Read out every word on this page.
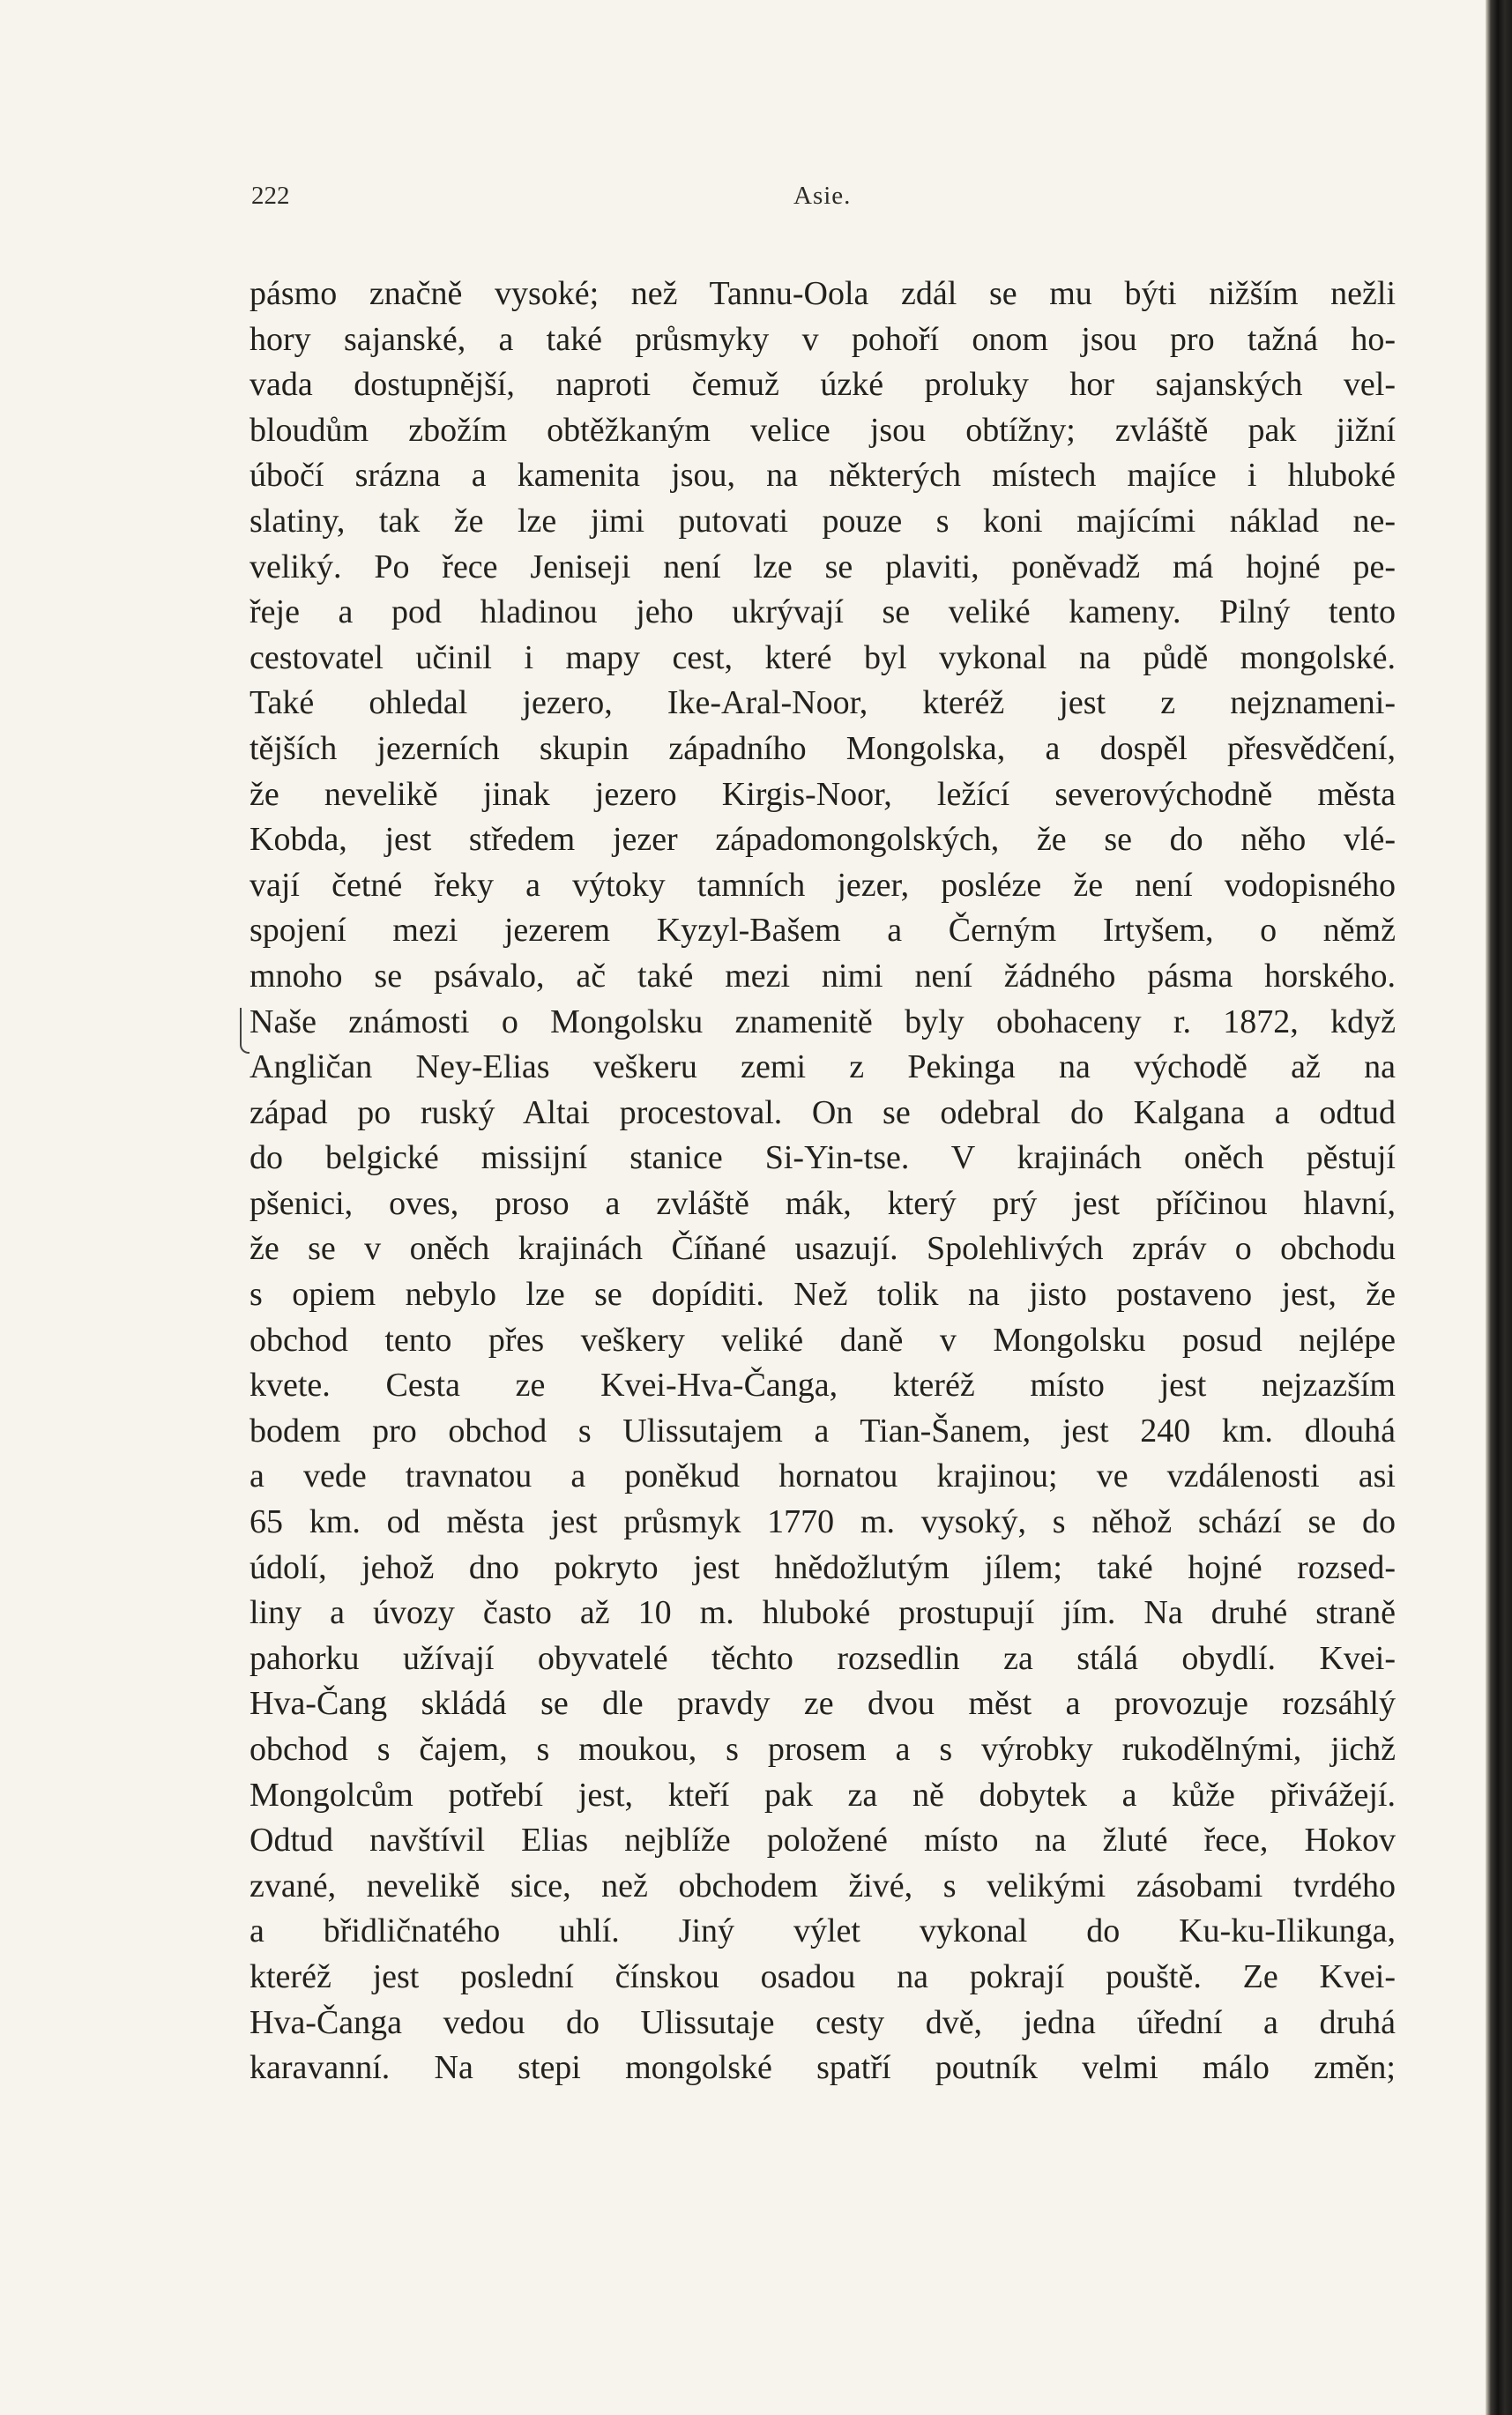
222	Asie.
pásmo značně vysoké; než Tannu-Oola zdál se mu býti nižším nežli
hory sajanské, a také průsmyky v pohoří onom jsou pro tažná ho-
vada dostupnější, naproti čemuž úzké proluky hor sajanských vel-
bloudům zbožím obtěžkaným velice jsou obtížny; zvláště pak jižní
úbočí srázna a kamenita jsou, na některých místech majíce i hluboké
slatiny, tak že lze jimi putovati pouze s koni majícími náklad ne-
veliký. Po řece Jeniseji není lze se plaviti, poněvadž má hojné pe-
řeje a pod hladinou jeho ukrývají se veliké kameny. Pilný tento
cestovatel učinil i mapy cest, které byl vykonal na půdě mongolské.
Také ohledal jezero, Ike-Aral-Noor, kteréž jest z nejznameni-
tějších jezerních skupin západního Mongolska, a dospěl přesvědčení,
že nevelikě jinak jezero Kirgis-Noor, ležící severovýchodně města
Kobda, jest středem jezer západomongolských, že se do něho vlé-
vají četné řeky a výtoky tamních jezer, posléze že není vodopisného
spojení mezi jezerem Kyzyl-Bašem a Černým Irtyšem, o němž
mnoho se psávalo, ač také mezi nimi není žádného pásma horského.
Naše známosti o Mongolsku znamenitě byly obohaceny r. 1872, když
Angličan Ney-Elias veškeru zemi z Pekinga na východě až na
západ po ruský Altai procestoval. On se odebral do Kalgana a odtud
do belgické missijní stanice Si-Yin-tse. V krajinách oněch pěstují
pšenici, oves, proso a zvláště mák, který prý jest příčinou hlavní,
že se v oněch krajinách Číňané usazují. Spolehlivých zpráv o obchodu
s opiem nebylo lze se dopíditi. Než tolik na jisto postaveno jest, že
obchod tento přes veškery veliké daně v Mongolsku posud nejlépe
kvete. Cesta ze Kvei-Hva-Čanga, kteréž místo jest nejzazším
bodem pro obchod s Ulissutajem a Tian-Šanem, jest 240 km. dlouhá
a vede travnatou a poněkud hornatou krajinou; ve vzdálenosti asi
65 km. od města jest průsmyk 1770 m. vysoký, s něhož schází se do
údolí, jehož dno pokryto jest hnědožlutým jílem; také hojné rozsed-
liny a úvozy často až 10 m. hluboké prostupují jím. Na druhé straně
pahorku užívají obyvatelé těchto rozsedlin za stálá obydlí. Kvei-
Hva-Čang skládá se dle pravdy ze dvou měst a provozuje rozsáhlý
obchod s čajem, s moukou, s prosem a s výrobky rukodělnými, jichž
Mongolcům potřebí jest, kteří pak za ně dobytek a kůže přivážejí.
Odtud navštívil Elias nejblíže položené místo na žluté řece, Hokov
zvané, nevelikě sice, než obchodem živé, s velikými zásobami tvrdého
a břidličnatého uhlí. Jiný výlet vykonal do Ku-ku-Ilikunga,
kteréž jest poslední čínskou osadou na pokrají pouště. Ze Kvei-
Hva-Čanga vedou do Ulissutaje cesty dvě, jedna úřední a druhá
karavanní. Na stepi mongolské spatří poutník velmi málo změn;
